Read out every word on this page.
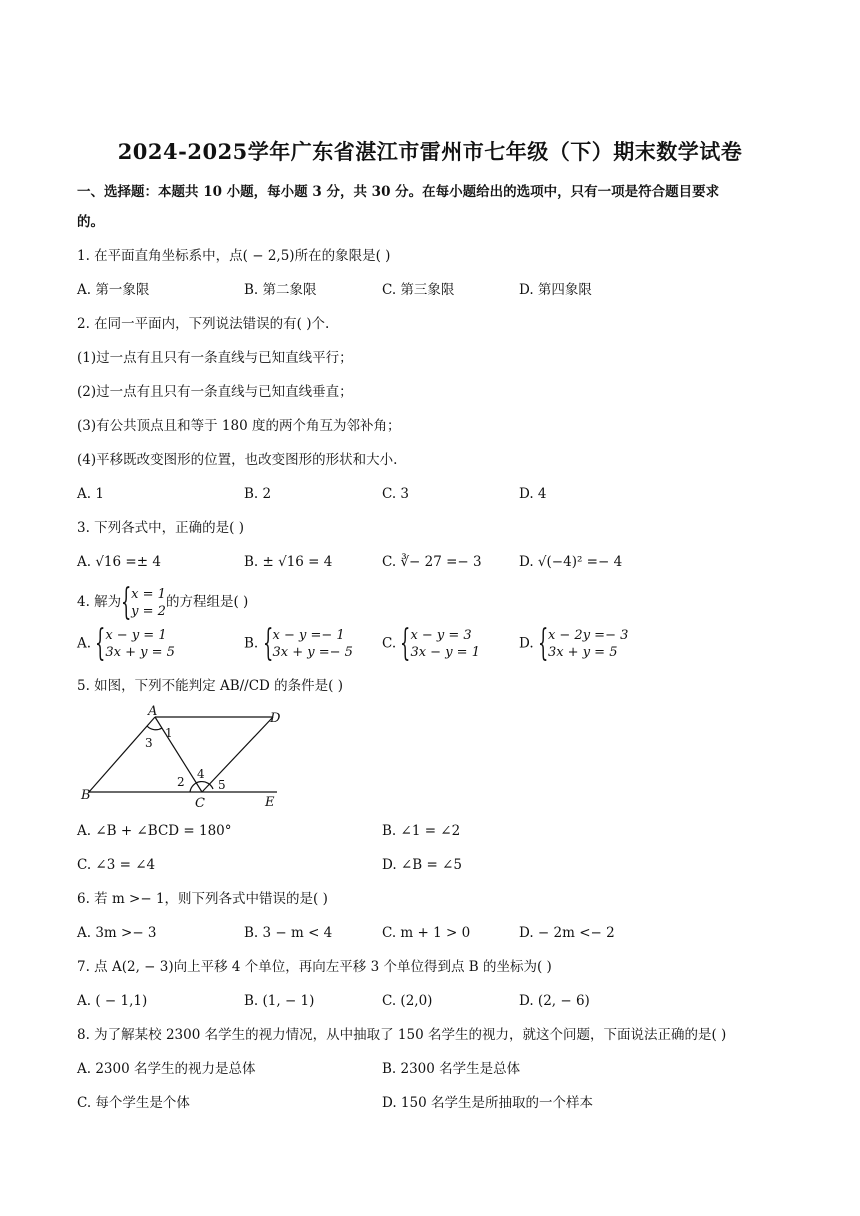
2024-2025学年广东省湛江市雷州市七年级（下）期末数学试卷
一、选择题：本题共 10 小题，每小题 3 分，共 30 分。在每小题给出的选项中，只有一项是符合题目要求
的。
1. 在平面直角坐标系中，点( − 2,5)所在的象限是( )
A. 第一象限	B. 第二象限	C. 第三象限	D. 第四象限
2. 在同一平面内，下列说法错误的有( )个.
(1)过一点有且只有一条直线与已知直线平行；
(2)过一点有且只有一条直线与已知直线垂直；
(3)有公共顶点且和等于 180 度的两个角互为邻补角；
(4)平移既改变图形的位置，也改变图形的形状和大小.
A. 1	B. 2	C. 3	D. 4
3. 下列各式中，正确的是( )
A. √16 =± 4	B. ± √16 = 4	C. ∛− 27 =− 3	D. √(−4)² =− 4
4. 解为 { x = 1
y = 2
的方程组是( )
A. { x − y = 1
3x + y = 5
B. { x − y =− 1
3x + y =− 5
C. { x − y = 3
3x − y = 1
D. { x − 2y =− 3
3x + y = 5
5. 如图，下列不能判定 AB//CD 的条件是( )
A
B
C
D
E
1
2
3
4
5
A. ∠B + ∠BCD = 180°	B. ∠1 = ∠2
C. ∠3 = ∠4	D. ∠B = ∠5
6. 若 m >− 1，则下列各式中错误的是( )
A. 3m >− 3	B. 3 − m < 4	C. m + 1 > 0	D. − 2m <− 2
7. 点 A(2, − 3)向上平移 4 个单位，再向左平移 3 个单位得到点 B 的坐标为( )
A. ( − 1,1)	B. (1, − 1)	C. (2,0)	D. (2, − 6)
8. 为了解某校 2300 名学生的视力情况，从中抽取了 150 名学生的视力，就这个问题，下面说法正确的是( )
A. 2300 名学生的视力是总体	B. 2300 名学生是总体
C. 每个学生是个体	D. 150 名学生是所抽取的一个样本
